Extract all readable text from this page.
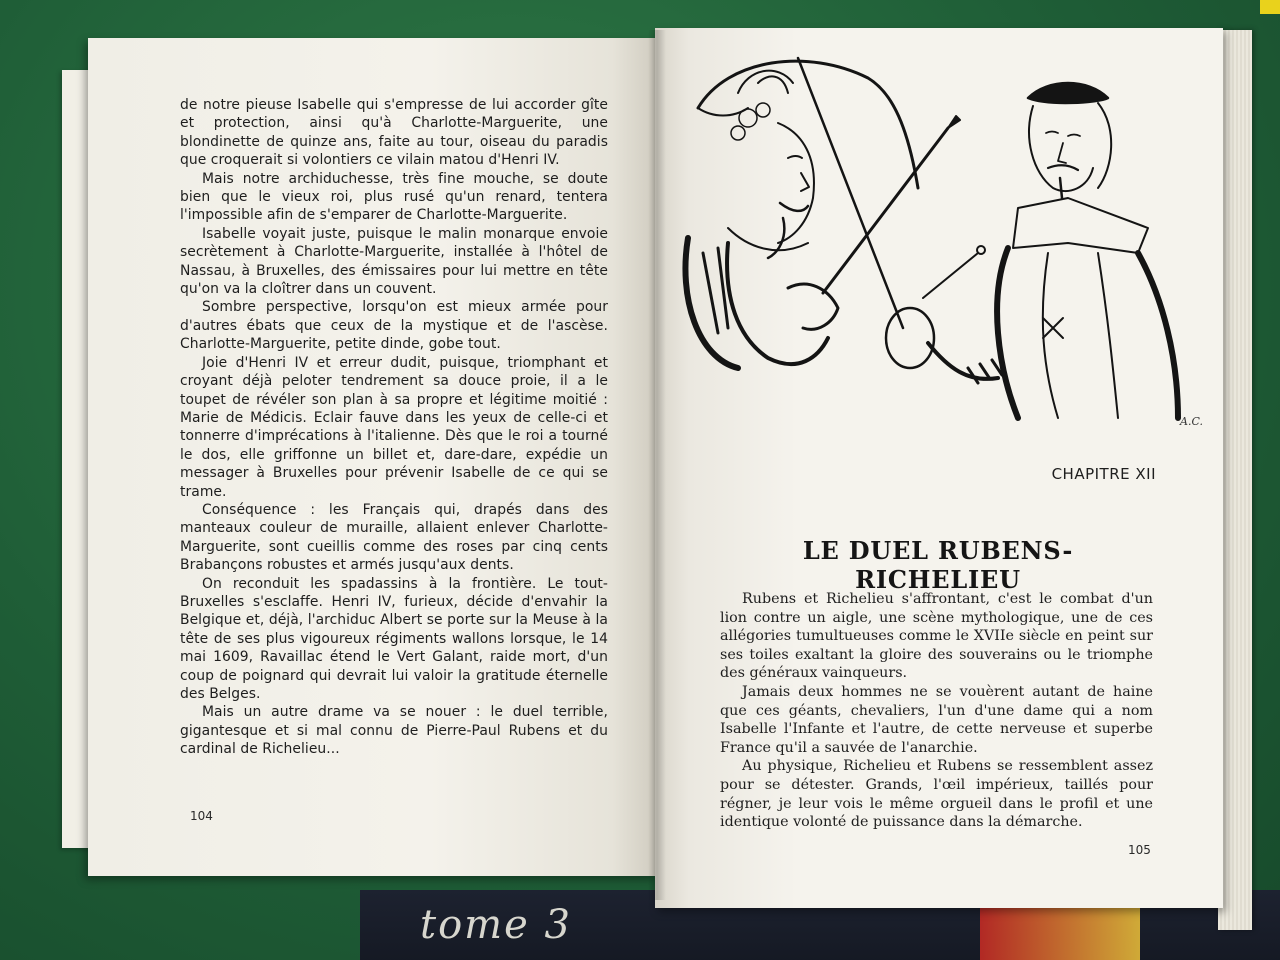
tome 3

de notre pieuse Isabelle qui s'empresse de lui accorder gîte et protection, ainsi qu'à Charlotte-Marguerite, une blondinette de quinze ans, faite au tour, oiseau du paradis que croquerait si volontiers ce vilain matou d'Henri IV.

Mais notre archiduchesse, très fine mouche, se doute bien que le vieux roi, plus rusé qu'un renard, tentera l'impossible afin de s'emparer de Charlotte-Marguerite.

Isabelle voyait juste, puisque le malin monarque envoie secrètement à Charlotte-Marguerite, installée à l'hôtel de Nassau, à Bruxelles, des émissaires pour lui mettre en tête qu'on va la cloîtrer dans un couvent.

Sombre perspective, lorsqu'on est mieux armée pour d'autres ébats que ceux de la mystique et de l'ascèse. Charlotte-Marguerite, petite dinde, gobe tout.

Joie d'Henri IV et erreur dudit, puisque, triomphant et croyant déjà peloter tendrement sa douce proie, il a le toupet de révéler son plan à sa propre et légitime moitié : Marie de Médicis. Eclair fauve dans les yeux de celle-ci et tonnerre d'imprécations à l'italienne. Dès que le roi a tourné le dos, elle griffonne un billet et, dare-dare, expédie un messager à Bruxelles pour prévenir Isabelle de ce qui se trame.

Conséquence : les Français qui, drapés dans des manteaux couleur de muraille, allaient enlever Charlotte-Marguerite, sont cueillis comme des roses par cinq cents Brabançons robustes et armés jusqu'aux dents.

On reconduit les spadassins à la frontière. Le tout-Bruxelles s'esclaffe. Henri IV, furieux, décide d'envahir la Belgique et, déjà, l'archiduc Albert se porte sur la Meuse à la tête de ses plus vigoureux régiments wallons lorsque, le 14 mai 1609, Ravaillac étend le Vert Galant, raide mort, d'un coup de poignard qui devrait lui valoir la gratitude éternelle des Belges.

Mais un autre drame va se nouer : le duel terrible, gigantesque et si mal connu de Pierre-Paul Rubens et du cardinal de Richelieu...

104
A.C.
CHAPITRE XII
LE DUEL RUBENS-RICHELIEU

Rubens et Richelieu s'affrontant, c'est le combat d'un lion contre un aigle, une scène mythologique, une de ces allégories tumultueuses comme le XVIIe siècle en peint sur ses toiles exaltant la gloire des souverains ou le triomphe des généraux vainqueurs.

Jamais deux hommes ne se vouèrent autant de haine que ces géants, chevaliers, l'un d'une dame qui a nom Isabelle l'Infante et l'autre, de cette nerveuse et superbe France qu'il a sauvée de l'anarchie.

Au physique, Richelieu et Rubens se ressemblent assez pour se détester. Grands, l'œil impérieux, taillés pour régner, je leur vois le même orgueil dans le profil et une identique volonté de puissance dans la démarche.

105
